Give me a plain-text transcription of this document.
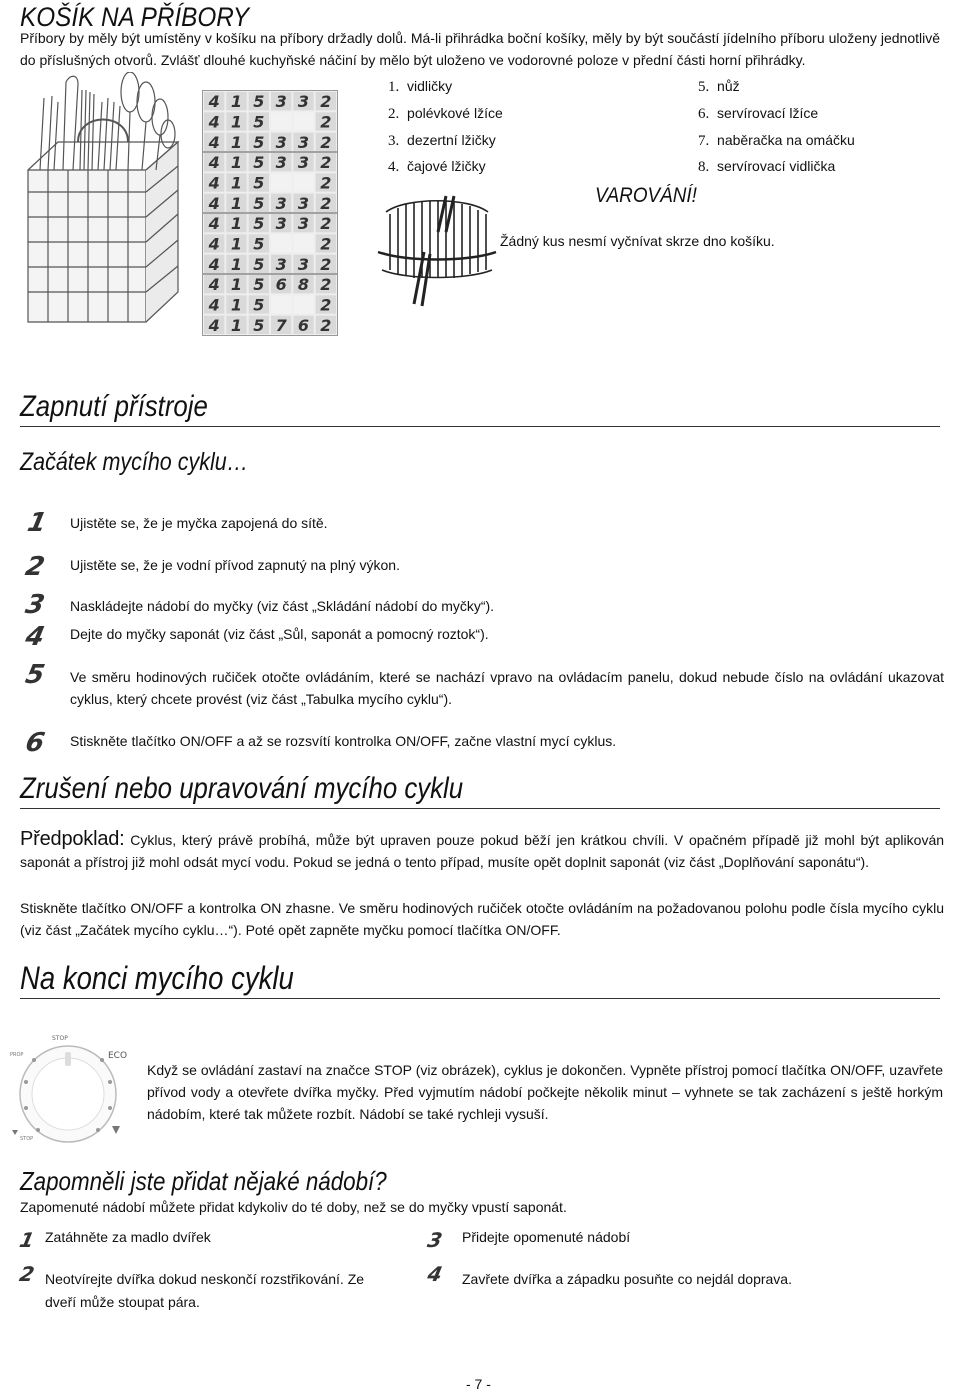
KOŠÍK NA PŘÍBORY
Příbory by měly být umístěny v košíku na příbory držadly dolů. Má-li přihrádka boční košíky, měly by být součástí jídelního příboru uloženy jednotlivě do příslušných otvorů. Zvlášť dlouhé kuchyňské náčiní by mělo být uloženo ve vodorovné poloze v přední části horní přihrádky.
4 1 5 3 3 2
4 1 5	2
4 1 5 3 3 2
4 1 5 3 3 2
4 1 5	2
4 1 5 3 3 2
4 1 5 3 3 2
4 1 5	2
4 1 5 3 3 2
4 1 5 6 8 2
4 1 5	2
4 1 5 7 6 2
1. vidličky
2. polévkové lžíce
3. dezertní lžičky
4. čajové lžičky
5. nůž
6. servírovací lžíce
7. naběračka na omáčku
8. servírovací vidlička
VAROVÁNÍ!
Žádný kus nesmí vyčnívat skrze dno košíku.
Zapnutí přístroje
Začátek mycího cyklu…
1 Ujistěte se, že je myčka zapojená do sítě.
2 Ujistěte se, že je vodní přívod zapnutý na plný výkon.
3 Naskládejte nádobí do myčky (viz část „Skládání nádobí do myčky“).
4 Dejte do myčky saponát (viz část „Sůl, saponát a pomocný roztok“).
5 Ve směru hodinových ručiček otočte ovládáním, které se nachází vpravo na ovládacím panelu, dokud nebude číslo na ovládání ukazovat cyklus, který chcete provést (viz část „Tabulka mycího cyklu“).
6 Stiskněte tlačítko ON/OFF a až se rozsvítí kontrolka ON/OFF, začne vlastní mycí cyklus.
Zrušení nebo upravování mycího cyklu
Předpoklad: Cyklus, který právě probíhá, může být upraven pouze pokud běží jen krátkou chvíli. V opačném případě již mohl být aplikován saponát a přístroj již mohl odsát mycí vodu. Pokud se jedná o tento případ, musíte opět doplnit saponát (viz část „Doplňování saponátu“).
Stiskněte tlačítko ON/OFF a kontrolka ON zhasne. Ve směru hodinových ručiček otočte ovládáním na požadovanou polohu podle čísla mycího cyklu (viz část „Začátek mycího cyklu…“). Poté opět zapněte myčku pomocí tlačítka ON/OFF.
Na konci mycího cyklu
STOP
ECO
PROP
STOP
Když se ovládání zastaví na značce STOP (viz obrázek), cyklus je dokončen. Vypněte přístroj pomocí tlačítka ON/OFF, uzavřete přívod vody a otevřete dvířka myčky. Před vyjmutím nádobí počkejte několik minut – vyhnete se tak zacházení s ještě horkým nádobím, které tak můžete rozbít. Nádobí se také rychleji vysuší.
Zapomněli jste přidat nějaké nádobí?
Zapomenuté nádobí můžete přidat kdykoliv do té doby, než se do myčky vpustí saponát.
1 Zatáhněte za madlo dvířek
2 Neotvírejte dvířka dokud neskončí rozstřikování. Ze dveří může stoupat pára.
3 Přidejte opomenuté nádobí
4 Zavřete dvířka a západku posuňte co nejdál doprava.
- 7 -
